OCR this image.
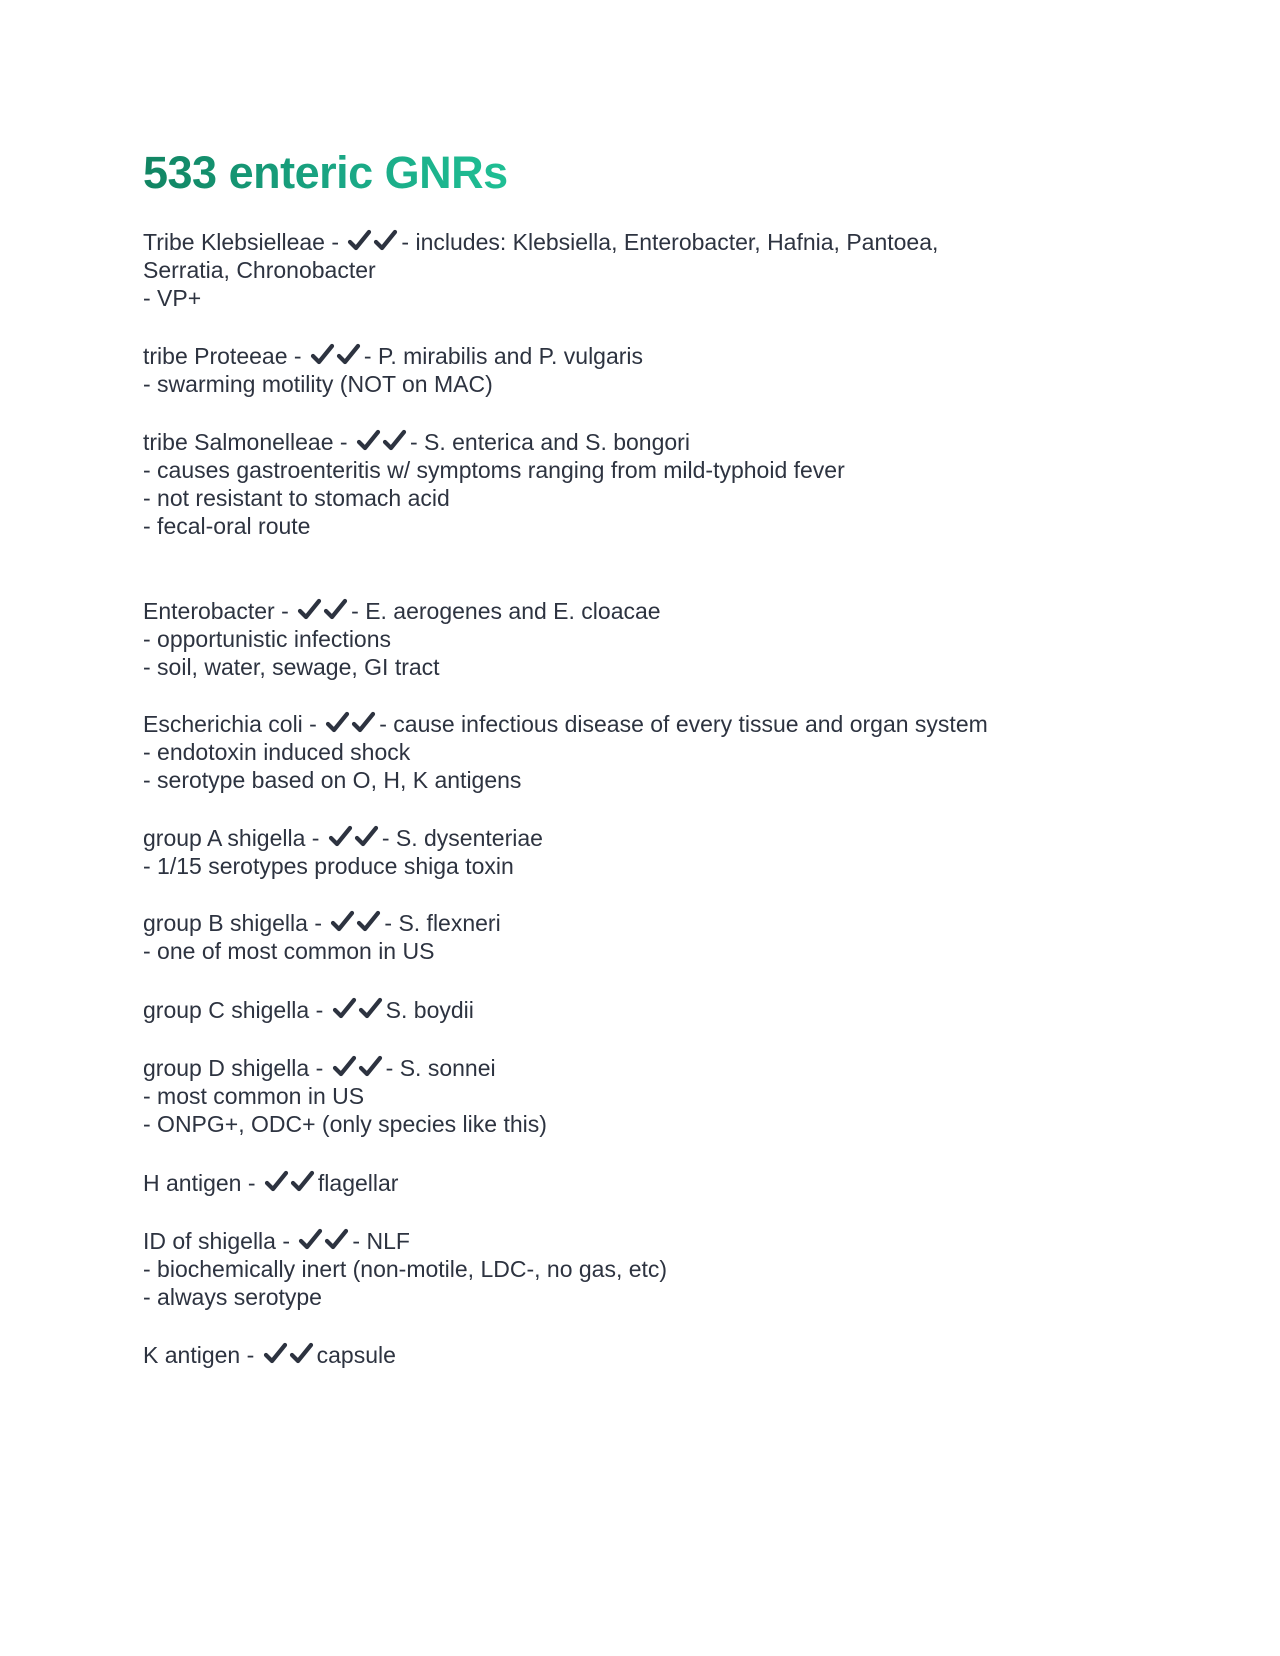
533 enteric GNRs
Tribe Klebsielleae -	- includes: Klebsiella, Enterobacter, Hafnia, Pantoea,
Serratia, Chronobacter
- VP+
tribe Proteeae -	- P. mirabilis and P. vulgaris
- swarming motility (NOT on MAC)
tribe Salmonelleae -	- S. enterica and S. bongori
- causes gastroenteritis w/ symptoms ranging from mild-typhoid fever
- not resistant to stomach acid
- fecal-oral route
Enterobacter -	- E. aerogenes and E. cloacae
- opportunistic infections
- soil, water, sewage, GI tract
Escherichia coli -	- cause infectious disease of every tissue and organ system
- endotoxin induced shock
- serotype based on O, H, K antigens
group A shigella -	- S. dysenteriae
- 1/15 serotypes produce shiga toxin
group B shigella -	- S. flexneri
- one of most common in US
group C shigella -	S. boydii
group D shigella -	- S. sonnei
- most common in US
- ONPG+, ODC+ (only species like this)
H antigen -	flagellar
ID of shigella -	- NLF
- biochemically inert (non-motile, LDC-, no gas, etc)
- always serotype
K antigen -	capsule
